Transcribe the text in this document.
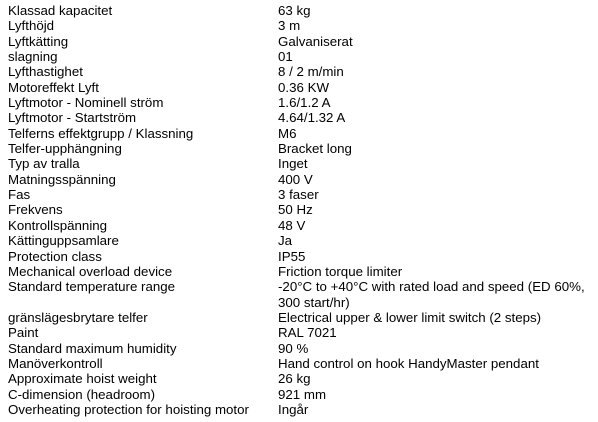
Klassad kapacitet	63 kg
Lyfthöjd	3 m
Lyftkätting	Galvaniserat
slagning	01
Lyfthastighet	8 / 2 m/min
Motoreffekt Lyft	0.36 KW
Lyftmotor - Nominell ström	1.6/1.2 A
Lyftmotor - Startström	4.64/1.32 A
Telferns effektgrupp / Klassning	M6
Telfer-upphängning	Bracket long
Typ av tralla	Inget
Matningsspänning	400 V
Fas	3 faser
Frekvens	50 Hz
Kontrollspänning	48 V
Kättinguppsamlare	Ja
Protection class	IP55
Mechanical overload device	Friction torque limiter
Standard temperature range	-20°C to +40°C with rated load and speed (ED 60%, 300 start/hr)
gränslägesbrytare telfer	Electrical upper & lower limit switch (2 steps)
Paint	RAL 7021
Standard maximum humidity	90 %
Manöverkontroll	Hand control on hook HandyMaster pendant
Approximate hoist weight	26 kg
C-dimension (headroom)	921 mm
Overheating protection for hoisting motor	Ingår
